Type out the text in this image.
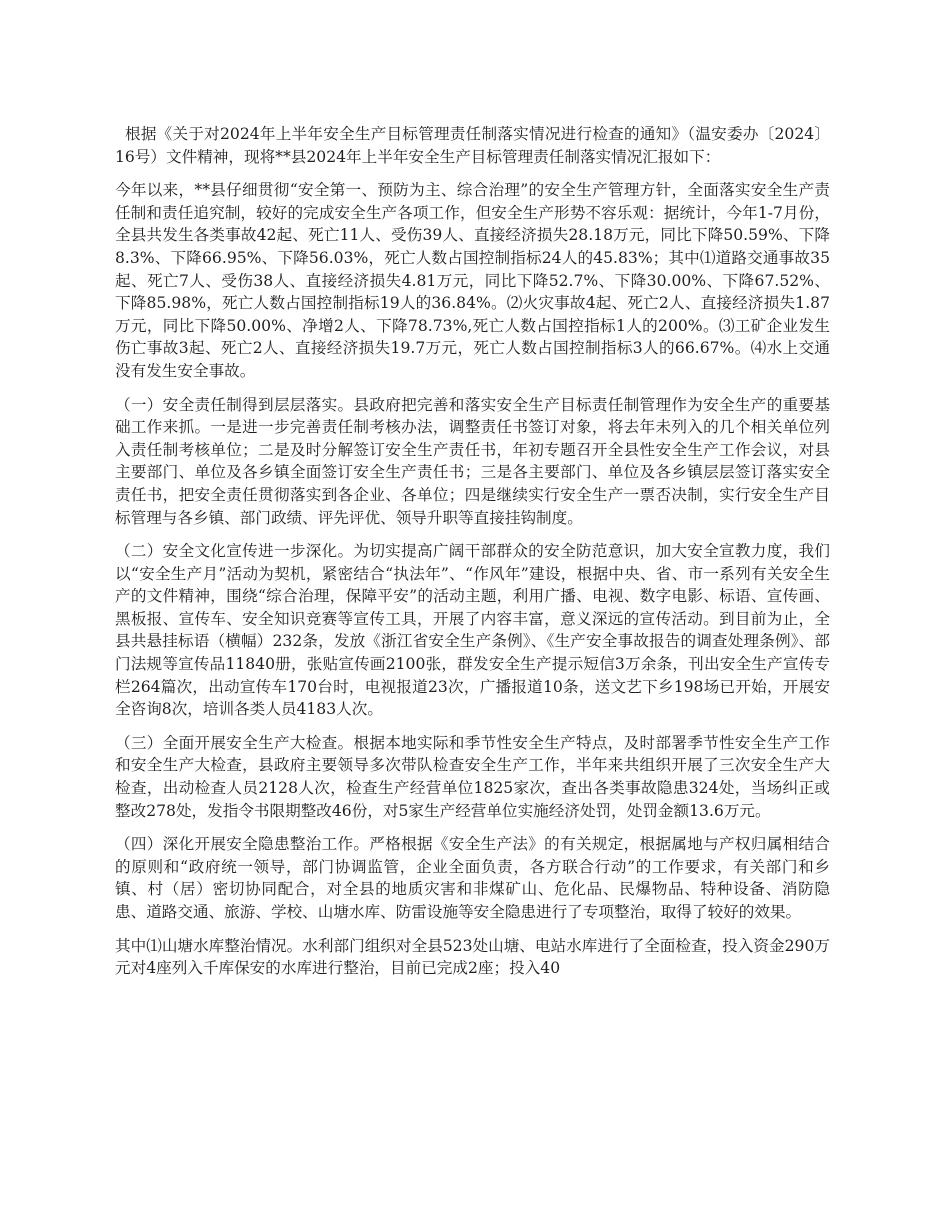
根据《关于对2024年上半年安全生产目标管理责任制落实情况进行检查的通知》（温安委办〔2024〕16号）文件精神，现将**县2024年上半年安全生产目标管理责任制落实情况汇报如下：

今年以来，**县仔细贯彻“安全第一、预防为主、综合治理”的安全生产管理方针，全面落实安全生产责任制和责任追究制，较好的完成安全生产各项工作，但安全生产形势不容乐观：据统计，今年1-7月份，全县共发生各类事故42起、死亡11人、受伤39人、直接经济损失28.18万元，同比下降50.59%、下降8.3%、下降66.95%、下降56.03%，死亡人数占国控制指标24人的45.83%；其中⑴道路交通事故35起、死亡7人、受伤38人、直接经济损失4.81万元，同比下降52.7%、下降30.00%、下降67.52%、下降85.98%，死亡人数占国控制指标19人的36.84%。⑵火灾事故4起、死亡2人、直接经济损失1.87万元，同比下降50.00%、净增2人、下降78.73%,死亡人数占国控指标1人的200%。⑶工矿企业发生伤亡事故3起、死亡2人、直接经济损失19.7万元，死亡人数占国控制指标3人的66.67%。⑷水上交通没有发生安全事故。

（一）安全责任制得到层层落实。县政府把完善和落实安全生产目标责任制管理作为安全生产的重要基础工作来抓。一是进一步完善责任制考核办法，调整责任书签订对象，将去年未列入的几个相关单位列入责任制考核单位；二是及时分解签订安全生产责任书，年初专题召开全县性安全生产工作会议，对县主要部门、单位及各乡镇全面签订安全生产责任书；三是各主要部门、单位及各乡镇层层签订落实安全责任书，把安全责任贯彻落实到各企业、各单位；四是继续实行安全生产一票否决制，实行安全生产目标管理与各乡镇、部门政绩、评先评优、领导升职等直接挂钩制度。

（二）安全文化宣传进一步深化。为切实提高广阔干部群众的安全防范意识，加大安全宣教力度，我们以“安全生产月”活动为契机，紧密结合“执法年”、“作风年”建设，根据中央、省、市一系列有关安全生产的文件精神，围绕“综合治理，保障平安”的活动主题，利用广播、电视、数字电影、标语、宣传画、黑板报、宣传车、安全知识竞赛等宣传工具，开展了内容丰富，意义深远的宣传活动。到目前为止，全县共悬挂标语（横幅）232条，发放《浙江省安全生产条例》、《生产安全事故报告的调查处理条例》、部门法规等宣传品11840册，张贴宣传画2100张，群发安全生产提示短信3万余条，刊出安全生产宣传专栏264篇次，出动宣传车170台时，电视报道23次，广播报道10条，送文艺下乡198场已开始，开展安全咨询8次，培训各类人员4183人次。

（三）全面开展安全生产大检查。根据本地实际和季节性安全生产特点，及时部署季节性安全生产工作和安全生产大检查，县政府主要领导多次带队检查安全生产工作，半年来共组织开展了三次安全生产大检查，出动检查人员2128人次，检查生产经营单位1825家次，查出各类事故隐患324处，当场纠正或整改278处，发指令书限期整改46份，对5家生产经营单位实施经济处罚，处罚金额13.6万元。

（四）深化开展安全隐患整治工作。严格根据《安全生产法》的有关规定，根据属地与产权归属相结合的原则和“政府统一领导，部门协调监管，企业全面负责，各方联合行动”的工作要求，有关部门和乡镇、村（居）密切协同配合，对全县的地质灾害和非煤矿山、危化品、民爆物品、特种设备、消防隐患、道路交通、旅游、学校、山塘水库、防雷设施等安全隐患进行了专项整治，取得了较好的效果。

其中⑴山塘水库整治情况。水利部门组织对全县523处山塘、电站水库进行了全面检查，投入资金290万元对4座列入千库保安的水库进行整治，目前已完成2座；投入40
